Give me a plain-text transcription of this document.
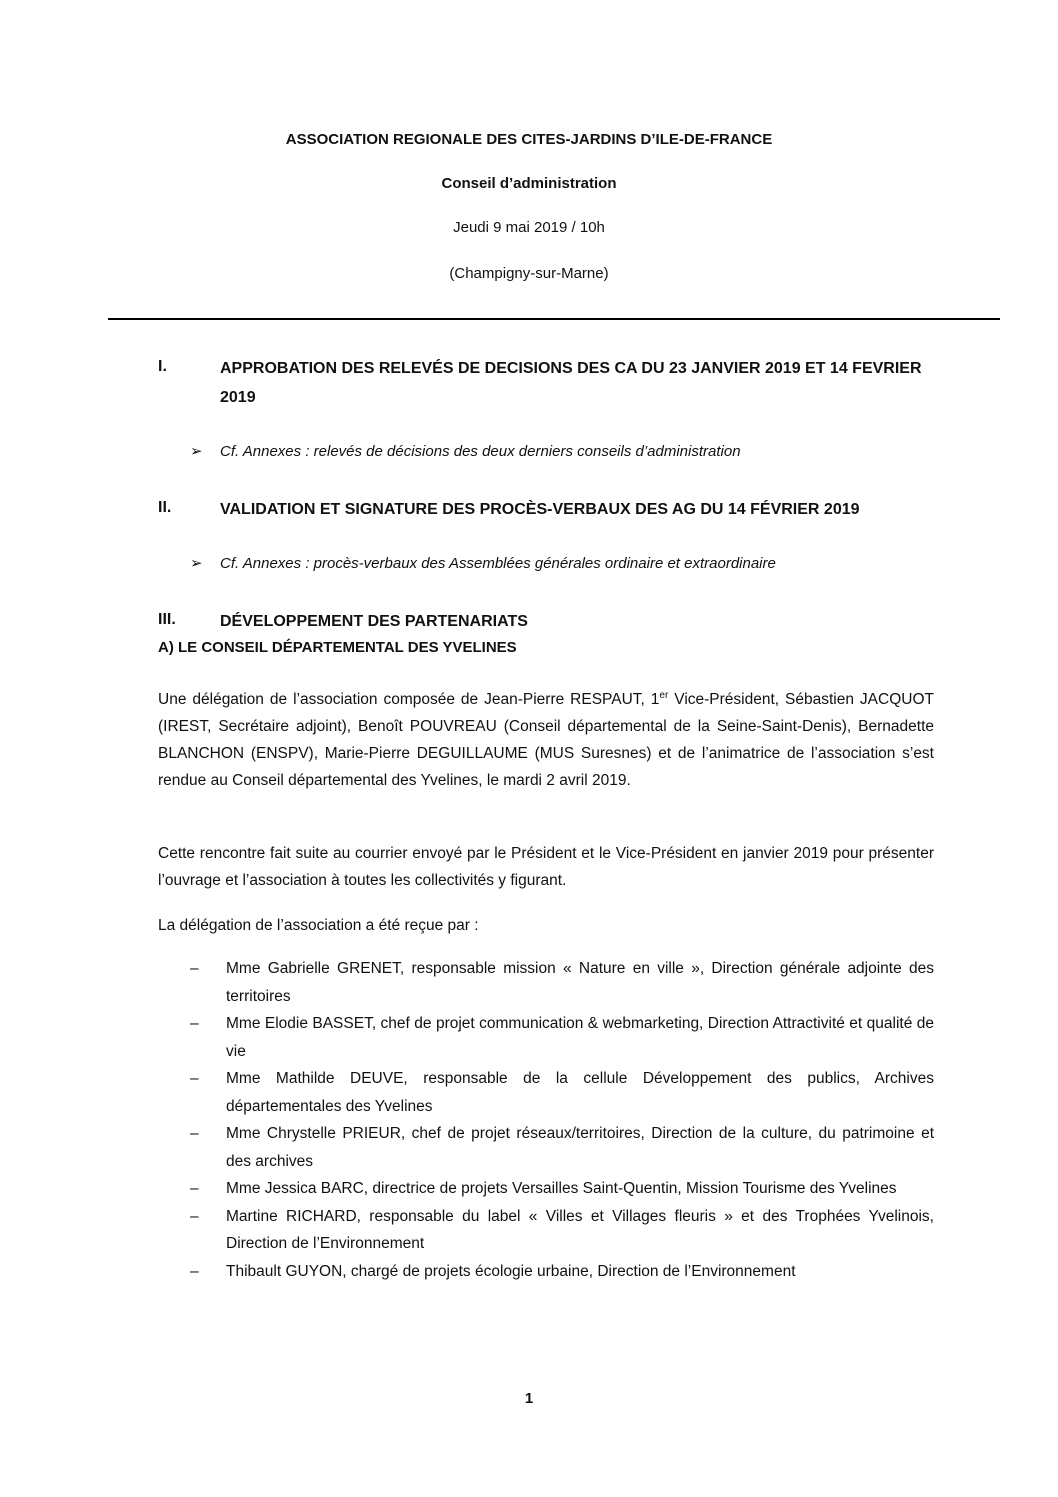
ASSOCIATION REGIONALE DES CITES-JARDINS D’ILE-DE-FRANCE
Conseil d’administration
Jeudi 9 mai 2019 / 10h
(Champigny-sur-Marne)
I.	APPROBATION DES RELEVÉS DE DECISIONS DES CA DU 23 JANVIER 2019 ET 14 FEVRIER 2019
➢ Cf. Annexes : relevés de décisions des deux derniers conseils d’administration
II.	VALIDATION ET SIGNATURE DES PROCÈS-VERBAUX DES AG DU 14 FÉVRIER 2019
➢ Cf. Annexes : procès-verbaux des Assemblées générales ordinaire et extraordinaire
III.	DÉVELOPPEMENT DES PARTENARIATS
A) LE CONSEIL DÉPARTEMENTAL DES YVELINES
Une délégation de l’association composée de Jean-Pierre RESPAUT, 1er Vice-Président, Sébastien JACQUOT (IREST, Secrétaire adjoint), Benoît POUVREAU (Conseil départemental de la Seine-Saint-Denis), Bernadette BLANCHON (ENSPV), Marie-Pierre DEGUILLAUME (MUS Suresnes) et de l’animatrice de l’association s’est rendue au Conseil départemental des Yvelines, le mardi 2 avril 2019.
Cette rencontre fait suite au courrier envoyé par le Président et le Vice-Président en janvier 2019 pour présenter l’ouvrage et l’association à toutes les collectivités y figurant.
La délégation de l’association a été reçue par :
– Mme Gabrielle GRENET, responsable mission « Nature en ville », Direction générale adjointe des territoires
– Mme Elodie BASSET, chef de projet communication & webmarketing, Direction Attractivité et qualité de vie
– Mme Mathilde DEUVE, responsable de la cellule Développement des publics, Archives départementales des Yvelines
– Mme Chrystelle PRIEUR, chef de projet réseaux/territoires, Direction de la culture, du patrimoine et des archives
– Mme Jessica BARC, directrice de projets Versailles Saint-Quentin, Mission Tourisme des Yvelines
– Martine RICHARD, responsable du label « Villes et Villages fleuris » et des Trophées Yvelinois, Direction de l’Environnement
– Thibault GUYON, chargé de projets écologie urbaine, Direction de l’Environnement
1
